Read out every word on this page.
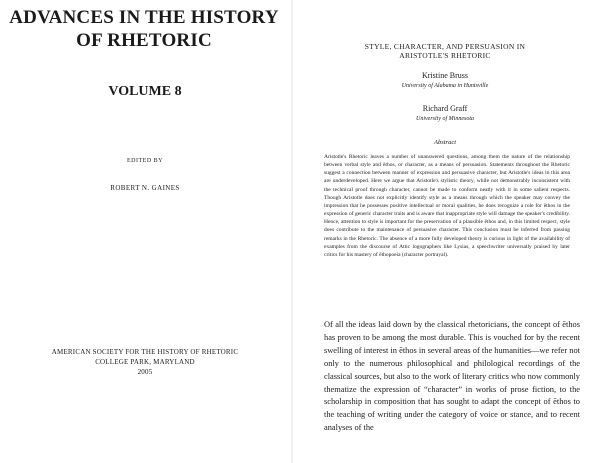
ADVANCES IN THE HISTORY OF RHETORIC
VOLUME 8
EDITED BY
ROBERT N. GAINES
AMERICAN SOCIETY FOR THE HISTORY OF RHETORIC
COLLEGE PARK, MARYLAND
2005
STYLE, CHARACTER, AND PERSUASION IN
ARISTOTLE'S RHETORIC
Kristine Bruss
University of Alabama in Huntsville
Richard Graff
University of Minnesota
Abstract
Aristotle's Rhetoric leaves a number of unanswered questions, among them the nature of the relationship between verbal style and ēthos, or character, as a means of persuasion. Statements throughout the Rhetoric suggest a connection between manner of expression and persuasive character, but Aristotle's ideas in this area are underdeveloped. Here we argue that Aristotle's stylistic theory, while not demonstrably inconsistent with the technical proof through character, cannot be made to conform neatly with it in some salient respects. Though Aristotle does not explicitly identify style as a means through which the speaker may convey the impression that he possesses positive intellectual or moral qualities, he does recognize a role for ēthos in the expression of generic character traits and is aware that inappropriate style will damage the speaker's credibility. Hence, attention to style is important for the preservation of a plausible ēthos and, in this limited respect, style does contribute to the maintenance of persuasive character. This conclusion must be inferred from passing remarks in the Rhetoric. The absence of a more fully developed theory is curious in light of the availability of examples from the discourse of Attic logographers like Lysias, a speechwriter universally praised by later critics for his mastery of ēthopoeia (character portrayal).
Of all the ideas laid down by the classical rhetoricians, the concept of ēthos has proven to be among the most durable. This is vouched for by the recent swelling of interest in ēthos in several areas of the humanities—we refer not only to the numerous philosophical and philological recordings of the classical sources, but also to the work of literary critics who now commonly thematize the expression of “character” in works of prose fiction, to the scholarship in composition that has sought to adapt the concept of ēthos to the teaching of writing under the category of voice or stance, and to recent analyses of the
